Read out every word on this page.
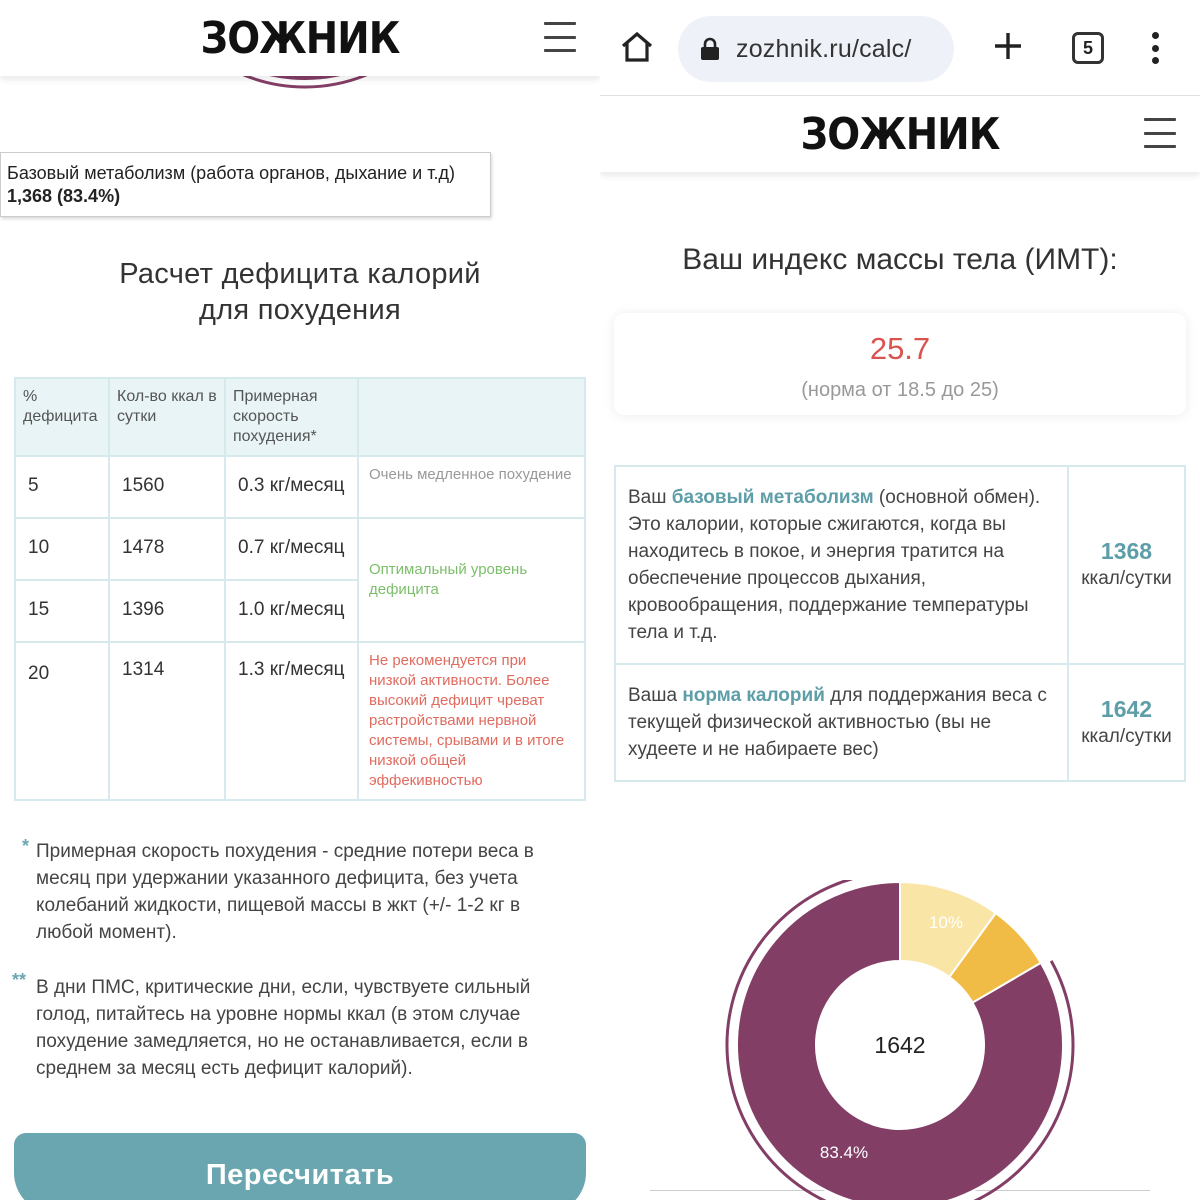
83.4%
ЗОЖНИК
Базовый метаболизм (работа органов, дыхание и т.д)
1,368 (83.4%)
Расчет дефицита калорий
для похудения
% дефицита	Кол-во ккал в сутки	Примерная скорость похудения*	
5	1560	0.3 кг/месяц	Очень медленное похудение
10	1478	0.7 кг/месяц	Оптимальный уровень дефицита
15	1396	1.0 кг/месяц	
20	1314	1.3 кг/месяц	Не рекомендуется при низкой активности. Более высокий дефицит чреват растройствами нервной системы, срывами и в итоге низкой общей эффекивностью
* Примерная скорость похудения - средние потери веса в месяц при удержании указанного дефицита, без учета колебаний жидкости, пищевой массы в жкт (+/- 1-2 кг в любой момент).
** В дни ПМС, критические дни, если, чувствуете сильный голод, питайтесь на уровне нормы ккал (в этом случае похудение замедляется, но не останавливается, если в среднем за месяц есть дефицит калорий).
Пересчитать
zozhnik.ru/calc/	5
ЗОЖНИК
Ваш индекс массы тела (ИМТ):
25.7
(норма от 18.5 до 25)
Ваш базовый метаболизм (основной обмен). Это калории, которые сжигаются, когда вы находитесь в покое, и энергия тратится на обеспечение процессов дыхания, кровообращения, поддержание температуры тела и т.д.	1368
ккал/сутки

Ваша норма калорий для поддержания веса с текущей физической активностью (вы не худеете и не набираете вес)	1642
ккал/сутки
1642
83.4%
10%
